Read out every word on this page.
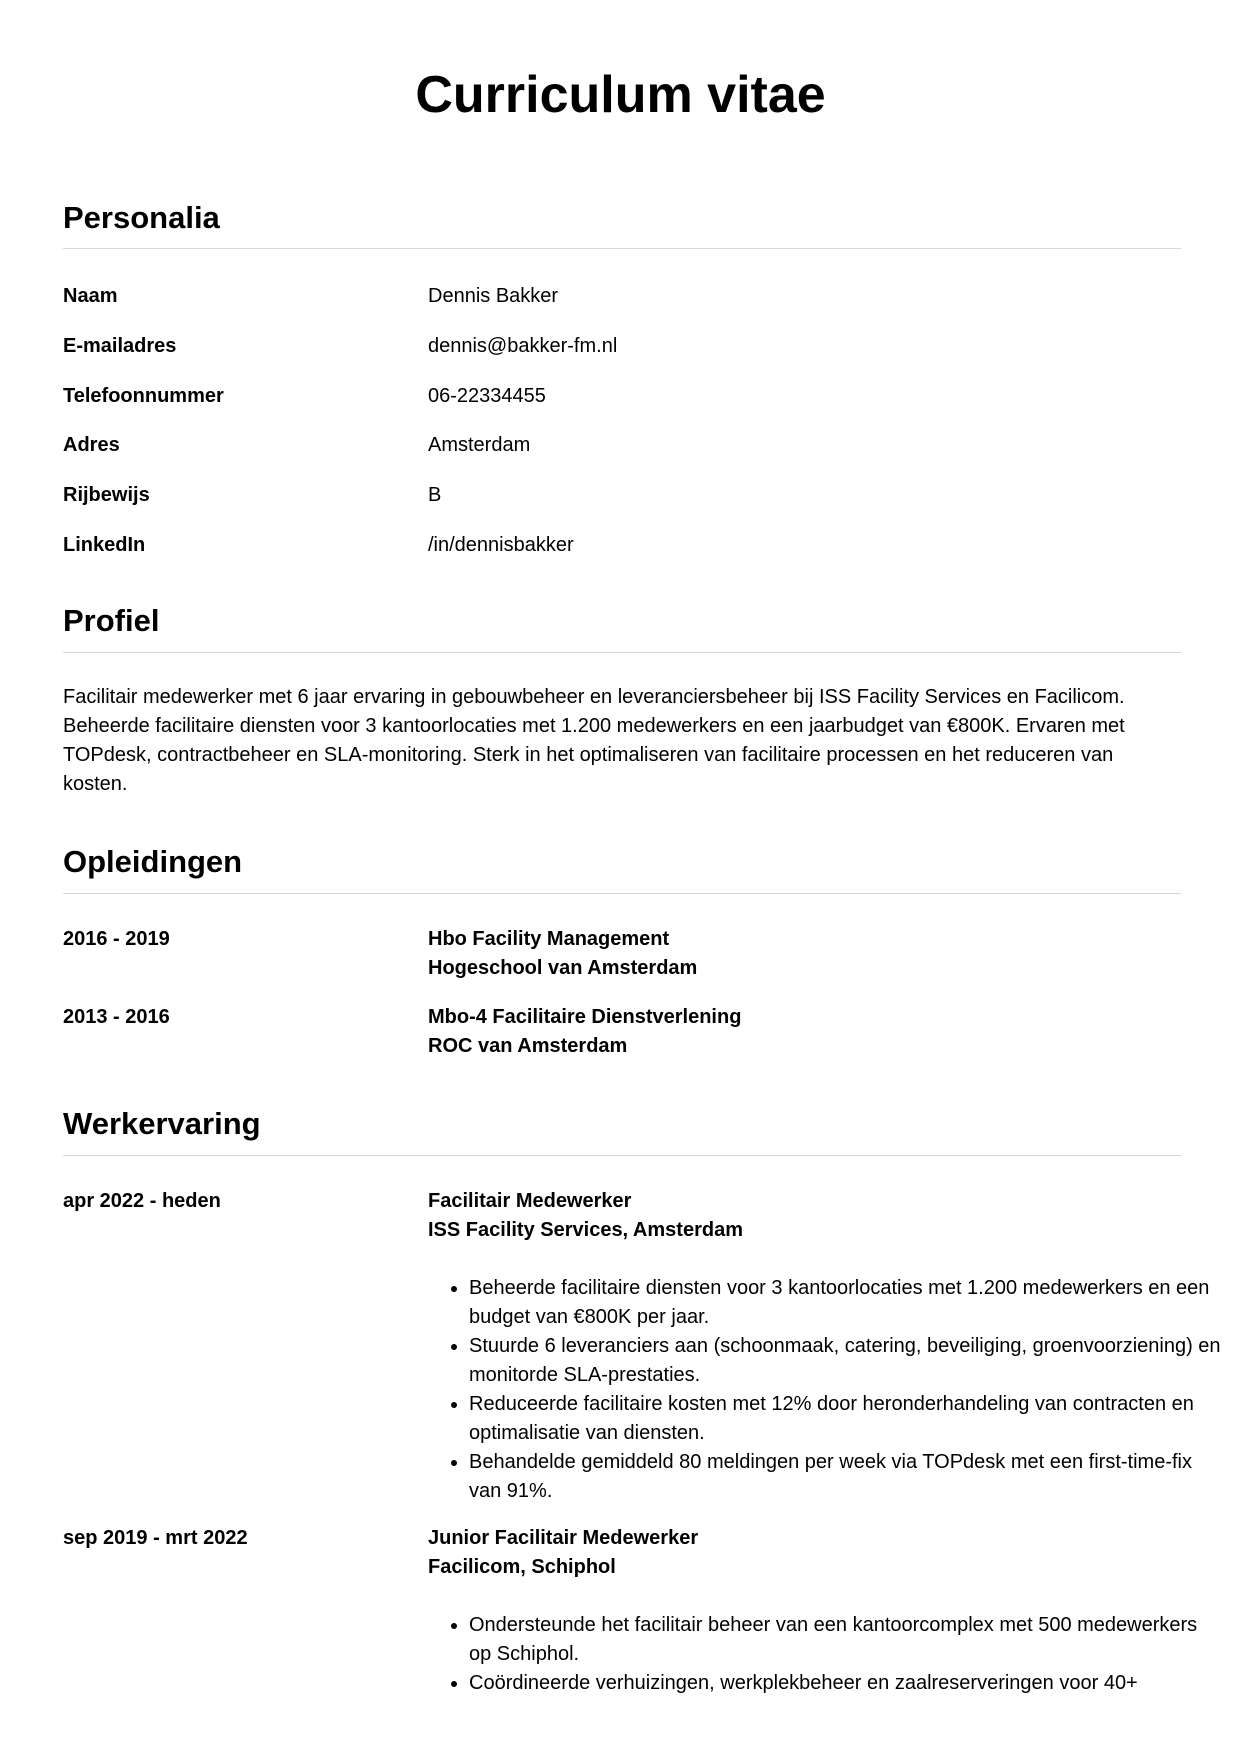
Curriculum vitae
Personalia
Naam	Dennis Bakker
E-mailadres	dennis@bakker-fm.nl
Telefoonnummer	06-22334455
Adres	Amsterdam
Rijbewijs	B
LinkedIn	/in/dennisbakker
Profiel

Facilitair medewerker met 6 jaar ervaring in gebouwbeheer en leveranciersbeheer bij ISS Facility Services en Facilicom. Beheerde facilitaire diensten voor 3 kantoorlocaties met 1.200 medewerkers en een jaarbudget van €800K. Ervaren met TOPdesk, contractbeheer en SLA-monitoring. Sterk in het optimaliseren van facilitaire processen en het reduceren van kosten.

Opleidingen
2016 - 2019	Hbo Facility Management
Hogeschool van Amsterdam
2013 - 2016	Mbo-4 Facilitaire Dienstverlening
ROC van Amsterdam
Werkervaring
apr 2022 - heden	Facilitair Medewerker
ISS Facility Services, Amsterdam
• Beheerde facilitaire diensten voor 3 kantoorlocaties met 1.200 medewerkers en een budget van €800K per jaar.
• Stuurde 6 leveranciers aan (schoonmaak, catering, beveiliging, groenvoorziening) en monitorde SLA-prestaties.
• Reduceerde facilitaire kosten met 12% door heronderhandeling van contracten en optimalisatie van diensten.
• Behandelde gemiddeld 80 meldingen per week via TOPdesk met een first-time-fix van 91%.
sep 2019 - mrt 2022	Junior Facilitair Medewerker
Facilicom, Schiphol
• Ondersteunde het facilitair beheer van een kantoorcomplex met 500 medewerkers op Schiphol.
• Coördineerde verhuizingen, werkplekbeheer en zaalreserveringen voor 40+
